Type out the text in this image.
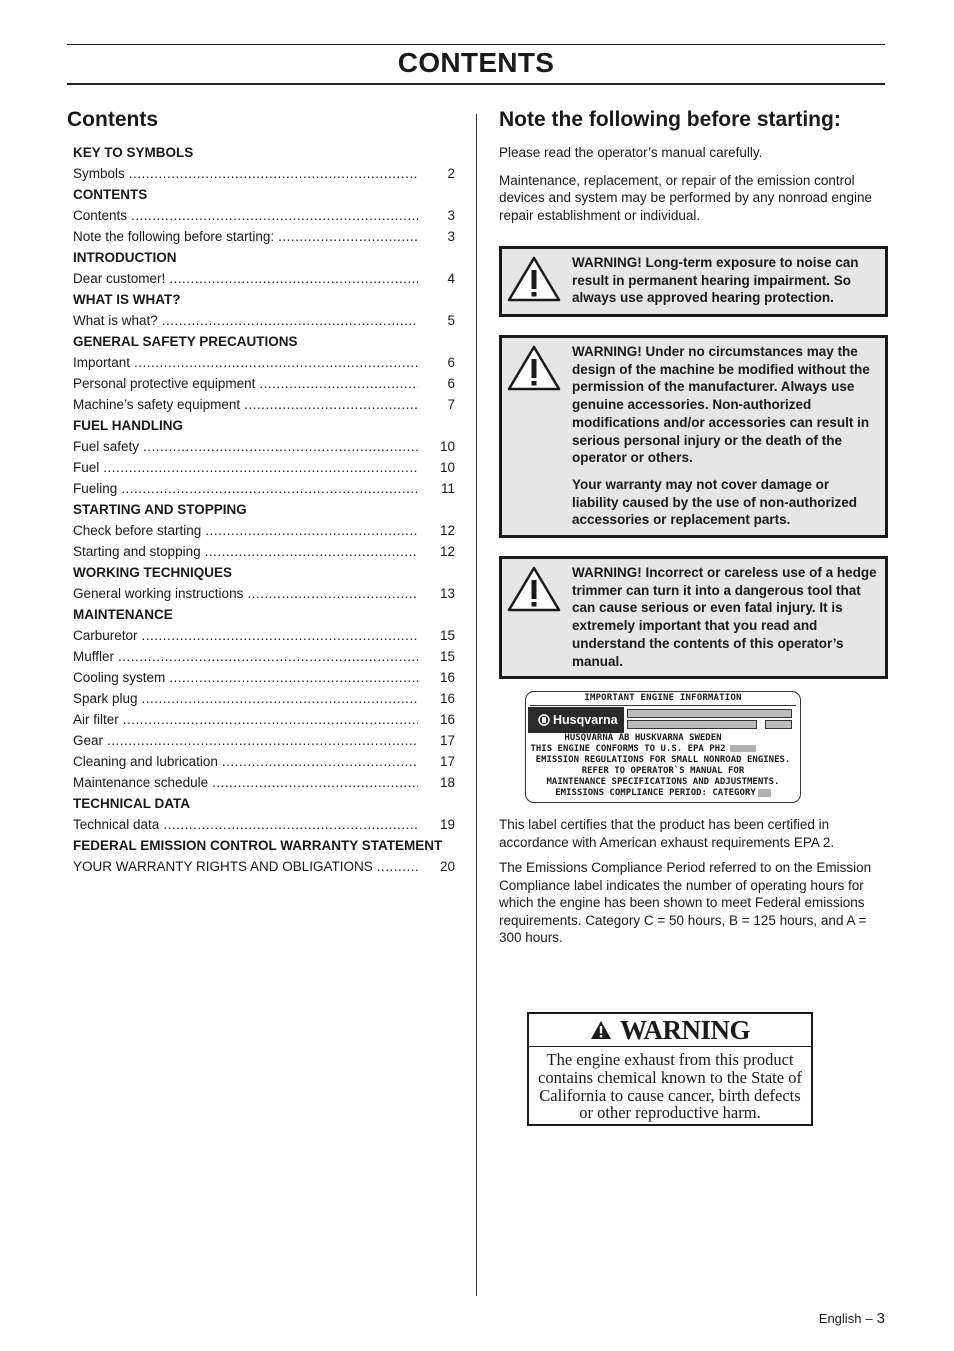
CONTENTS
Contents
KEY TO SYMBOLS
Symbols .....	2
CONTENTS
Contents .....	3
Note the following before starting: .....	3
INTRODUCTION
Dear customer! .....	4
WHAT IS WHAT?
What is what? .....	5
GENERAL SAFETY PRECAUTIONS
Important .....	6
Personal protective equipment .....	6
Machine’s safety equipment .....	7
FUEL HANDLING
Fuel safety .....	10
Fuel .....	10
Fueling .....	11
STARTING AND STOPPING
Check before starting .....	12
Starting and stopping .....	12
WORKING TECHNIQUES
General working instructions .....	13
MAINTENANCE
Carburetor .....	15
Muffler .....	15
Cooling system .....	16
Spark plug .....	16
Air filter .....	16
Gear .....	17
Cleaning and lubrication .....	17
Maintenance schedule .....	18
TECHNICAL DATA
Technical data .....	19
FEDERAL EMISSION CONTROL WARRANTY STATEMENT
YOUR WARRANTY RIGHTS AND OBLIGATIONS .....	20
Note the following before starting:

Please read the operator’s manual carefully.

Maintenance, replacement, or repair of the emission control devices and system may be performed by any nonroad engine repair establishment or individual.

WARNING! Long-term exposure to noise can result in permanent hearing impairment. So always use approved hearing protection.

WARNING! Under no circumstances may the design of the machine be modified without the permission of the manufacturer. Always use genuine accessories. Non-authorized modifications and/or accessories can result in serious personal injury or the death of the operator or others.

Your warranty may not cover damage or liability caused by the use of non-authorized accessories or replacement parts.

WARNING! Incorrect or careless use of a hedge trimmer can turn it into a dangerous tool that can cause serious or even fatal injury. It is extremely important that you read and understand the contents of this operator’s manual.

IMPORTANT ENGINE INFORMATION
Husqvarna
HUSQVARNA AB HUSKVARNA SWEDEN
THIS ENGINE CONFORMS TO U.S. EPA PH2
EMISSION REGULATIONS FOR SMALL NONROAD ENGINES.
REFER TO OPERATOR`S MANUAL FOR
MAINTENANCE SPECIFICATIONS AND ADJUSTMENTS.
EMISSIONS COMPLIANCE PERIOD: CATEGORY

This label certifies that the product has been certified in accordance with American exhaust requirements EPA 2.

The Emissions Compliance Period referred to on the Emission Compliance label indicates the number of operating hours for which the engine has been shown to meet Federal emissions requirements. Category C = 50 hours, B = 125 hours, and A = 300 hours.

WARNING
The engine exhaust from this product contains chemical known to the State of California to cause cancer, birth defects or other reproductive harm.
English – 3
